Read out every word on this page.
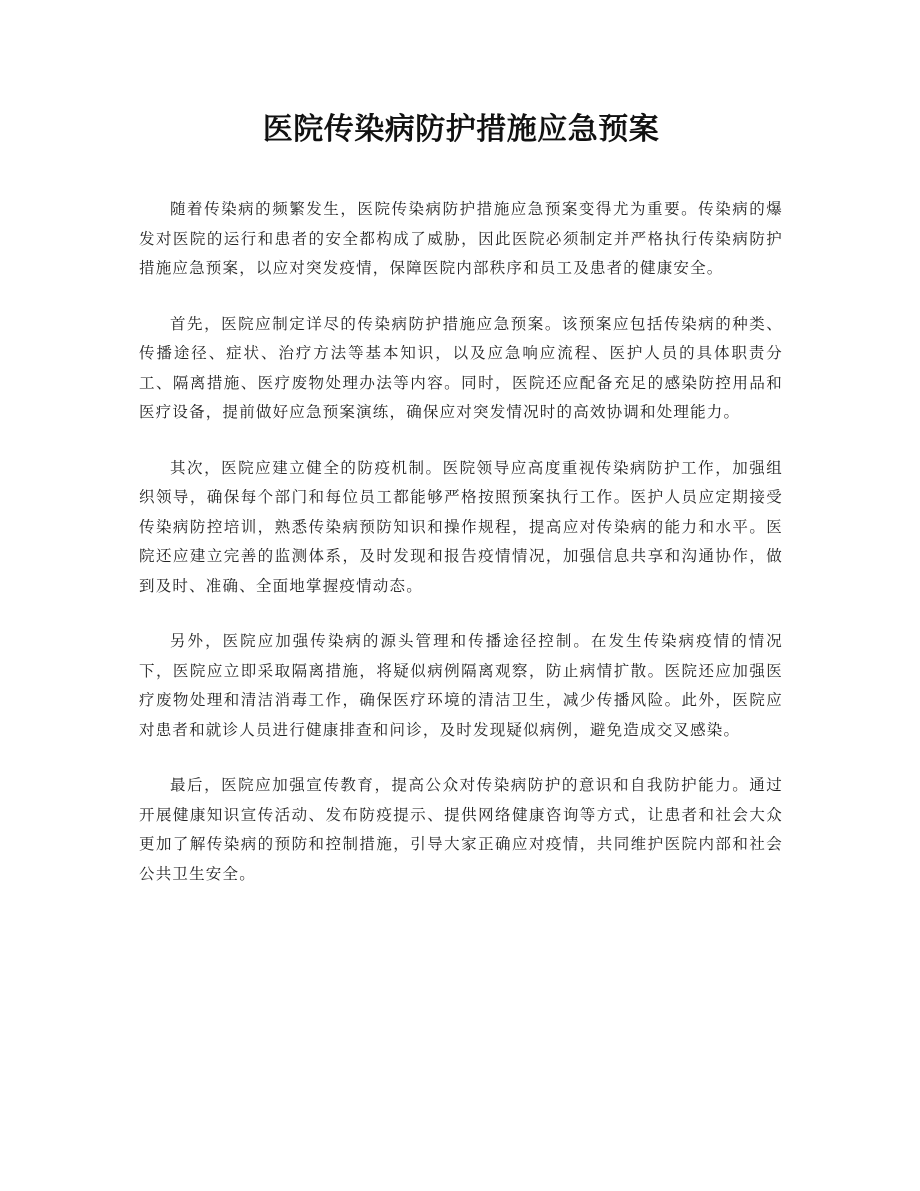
医院传染病防护措施应急预案

随着传染病的频繁发生，医院传染病防护措施应急预案变得尤为重要。传染病的爆发对医院的运行和患者的安全都构成了威胁，因此医院必须制定并严格执行传染病防护措施应急预案，以应对突发疫情，保障医院内部秩序和员工及患者的健康安全。

首先，医院应制定详尽的传染病防护措施应急预案。该预案应包括传染病的种类、传播途径、症状、治疗方法等基本知识，以及应急响应流程、医护人员的具体职责分工、隔离措施、医疗废物处理办法等内容。同时，医院还应配备充足的感染防控用品和医疗设备，提前做好应急预案演练，确保应对突发情况时的高效协调和处理能力。

其次，医院应建立健全的防疫机制。医院领导应高度重视传染病防护工作，加强组织领导，确保每个部门和每位员工都能够严格按照预案执行工作。医护人员应定期接受传染病防控培训，熟悉传染病预防知识和操作规程，提高应对传染病的能力和水平。医院还应建立完善的监测体系，及时发现和报告疫情情况，加强信息共享和沟通协作，做到及时、准确、全面地掌握疫情动态。

另外，医院应加强传染病的源头管理和传播途径控制。在发生传染病疫情的情况下，医院应立即采取隔离措施，将疑似病例隔离观察，防止病情扩散。医院还应加强医疗废物处理和清洁消毒工作，确保医疗环境的清洁卫生，减少传播风险。此外，医院应对患者和就诊人员进行健康排查和问诊，及时发现疑似病例，避免造成交叉感染。

最后，医院应加强宣传教育，提高公众对传染病防护的意识和自我防护能力。通过开展健康知识宣传活动、发布防疫提示、提供网络健康咨询等方式，让患者和社会大众更加了解传染病的预防和控制措施，引导大家正确应对疫情，共同维护医院内部和社会公共卫生安全。
